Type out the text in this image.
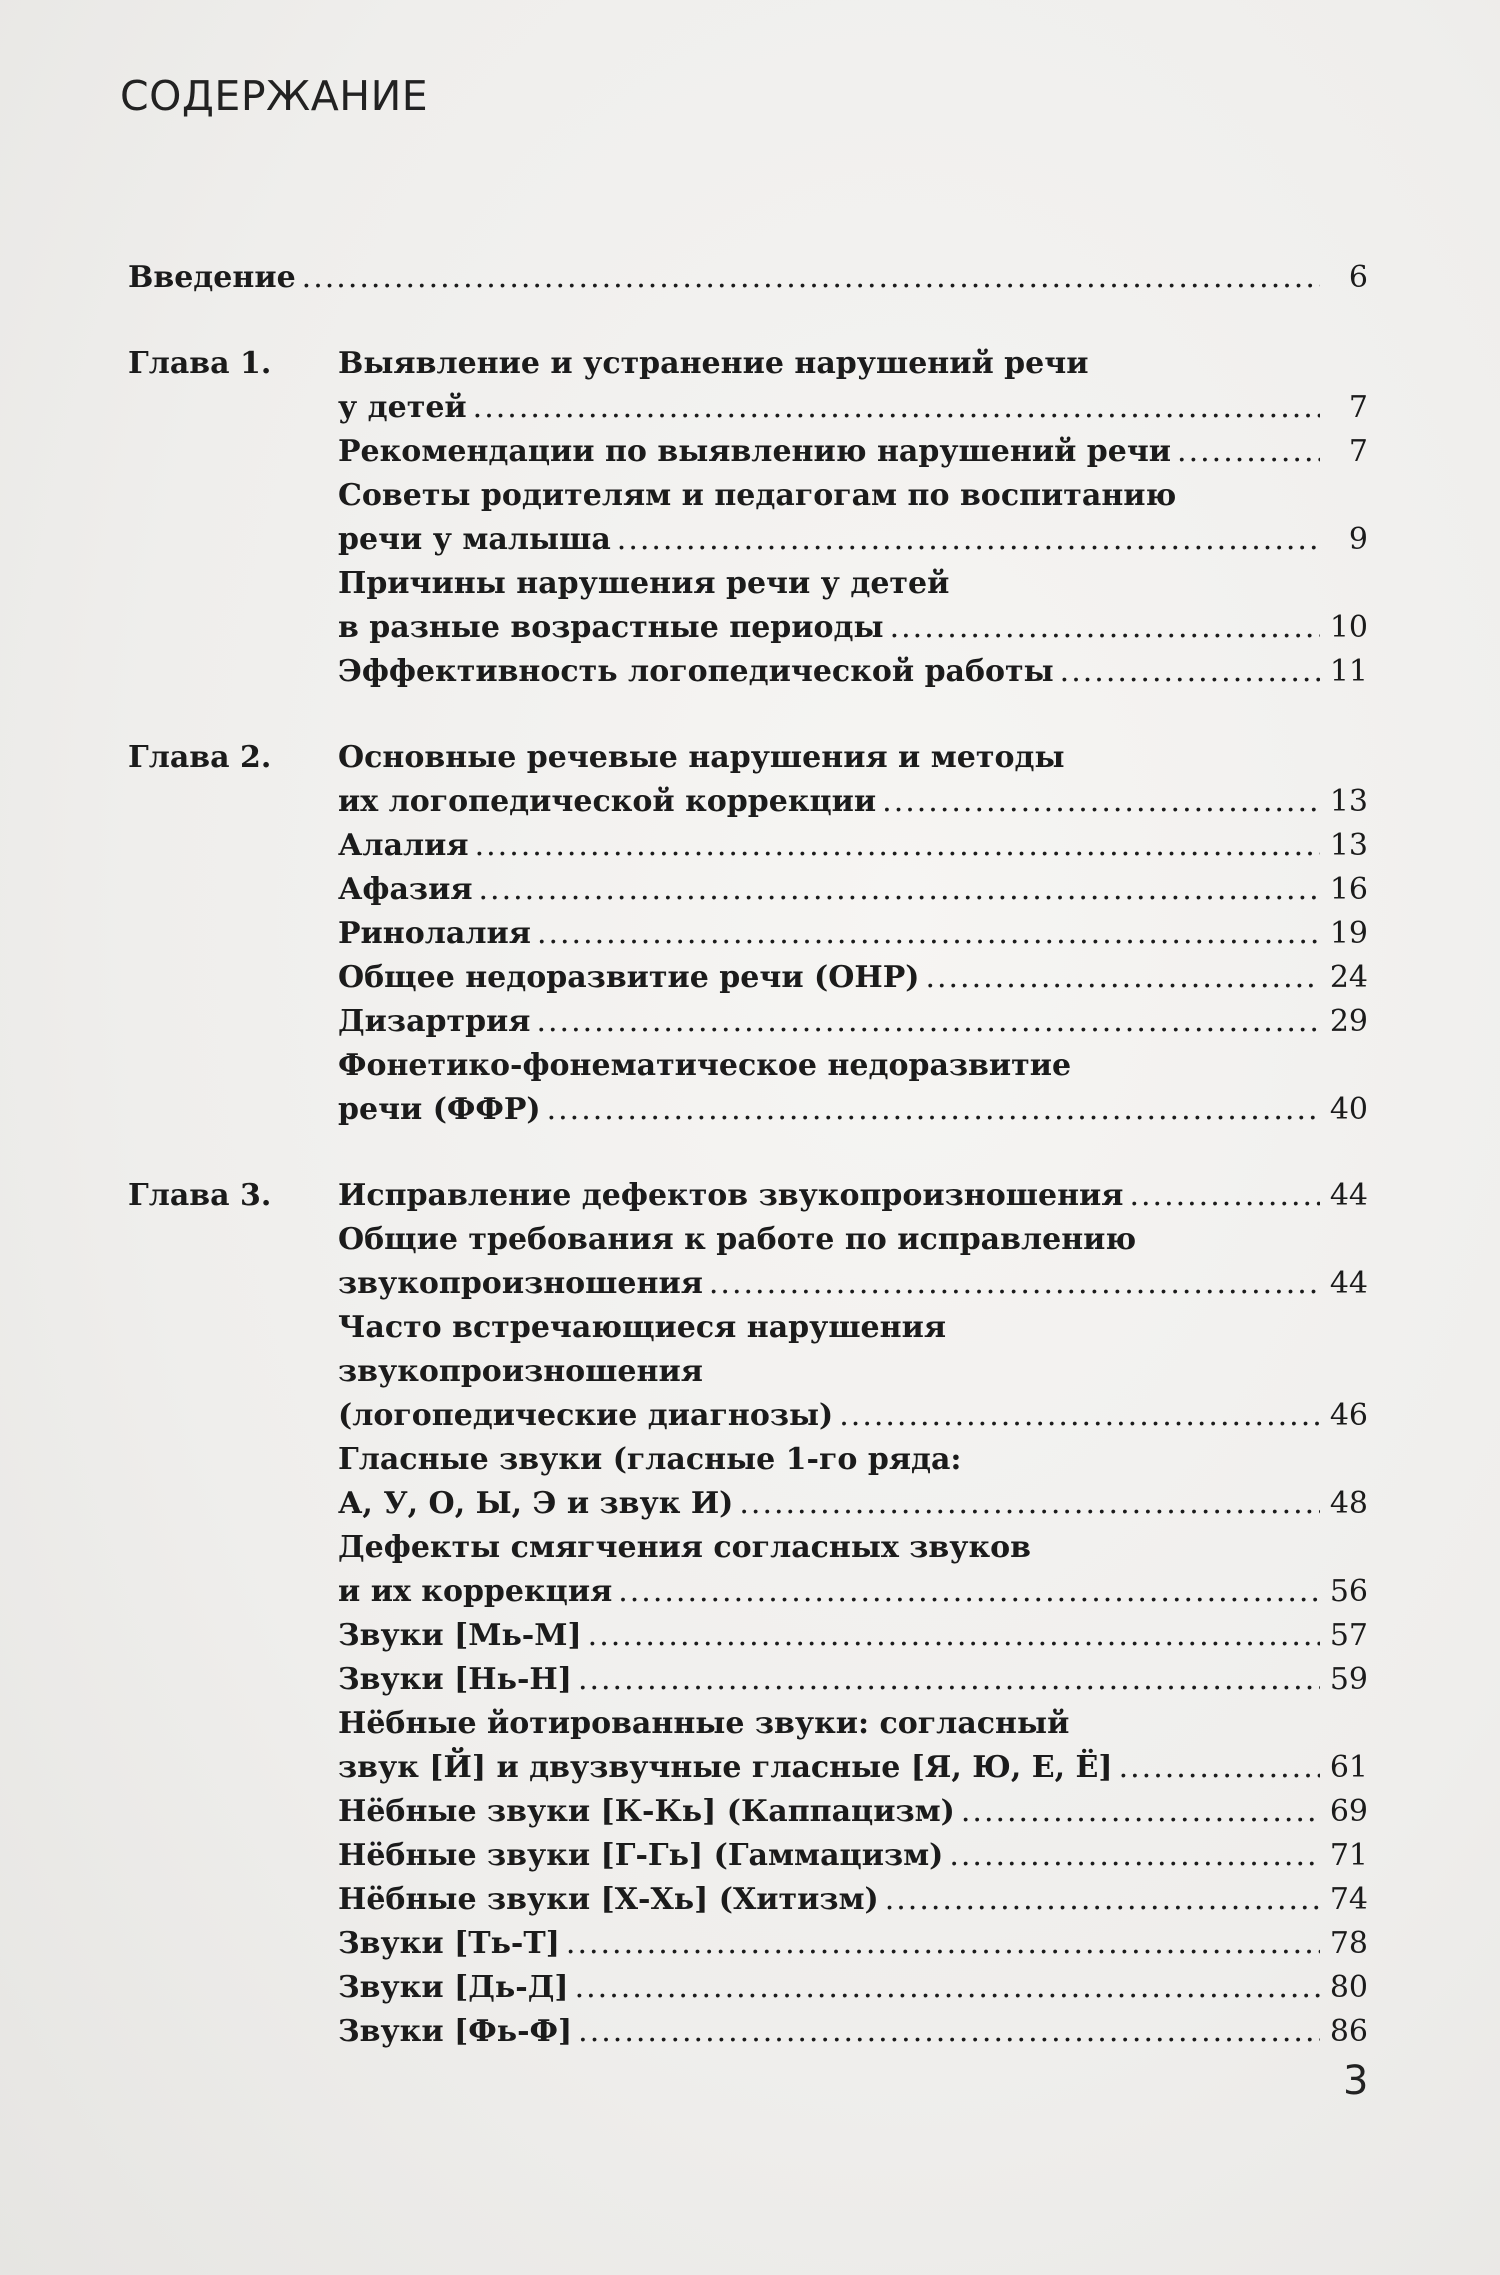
СОДЕРЖАНИЕ
Введение .....	6
Глава 1.	Выявление и устранение нарушений речи
у детей .....	7
Рекомендации по выявлению нарушений речи .....	7
Советы родителям и педагогам по воспитанию
речи у малыша .....	9
Причины нарушения речи у детей
в разные возрастные периоды .....	10
Эффективность логопедической работы .....	11
Глава 2.	Основные речевые нарушения и методы
их логопедической коррекции .....	13
Алалия .....	13
Афазия .....	16
Ринолалия .....	19
Общее недоразвитие речи (ОНР) .....	24
Дизартрия .....	29
Фонетико-фонематическое недоразвитие
речи (ФФР) .....	40
Глава 3.	Исправление дефектов звукопроизношения .....	44
Общие требования к работе по исправлению
звукопроизношения .....	44
Часто встречающиеся нарушения
звукопроизношения
(логопедические диагнозы) .....	46
Гласные звуки (гласные 1-го ряда:
А, У, О, Ы, Э и звук И) .....	48
Дефекты смягчения согласных звуков
и их коррекция .....	56
Звуки [Мь-М] .....	57
Звуки [Нь-Н] .....	59
Нёбные йотированные звуки: согласный
звук [Й] и двузвучные гласные [Я, Ю, Е, Ё] .....	61
Нёбные звуки [К-Кь] (Каппацизм) .....	69
Нёбные звуки [Г-Гь] (Гаммацизм) .....	71
Нёбные звуки [Х-Хь] (Хитизм) .....	74
Звуки [Ть-Т] .....	78
Звуки [Дь-Д] .....	80
Звуки [Фь-Ф] .....	86
3
